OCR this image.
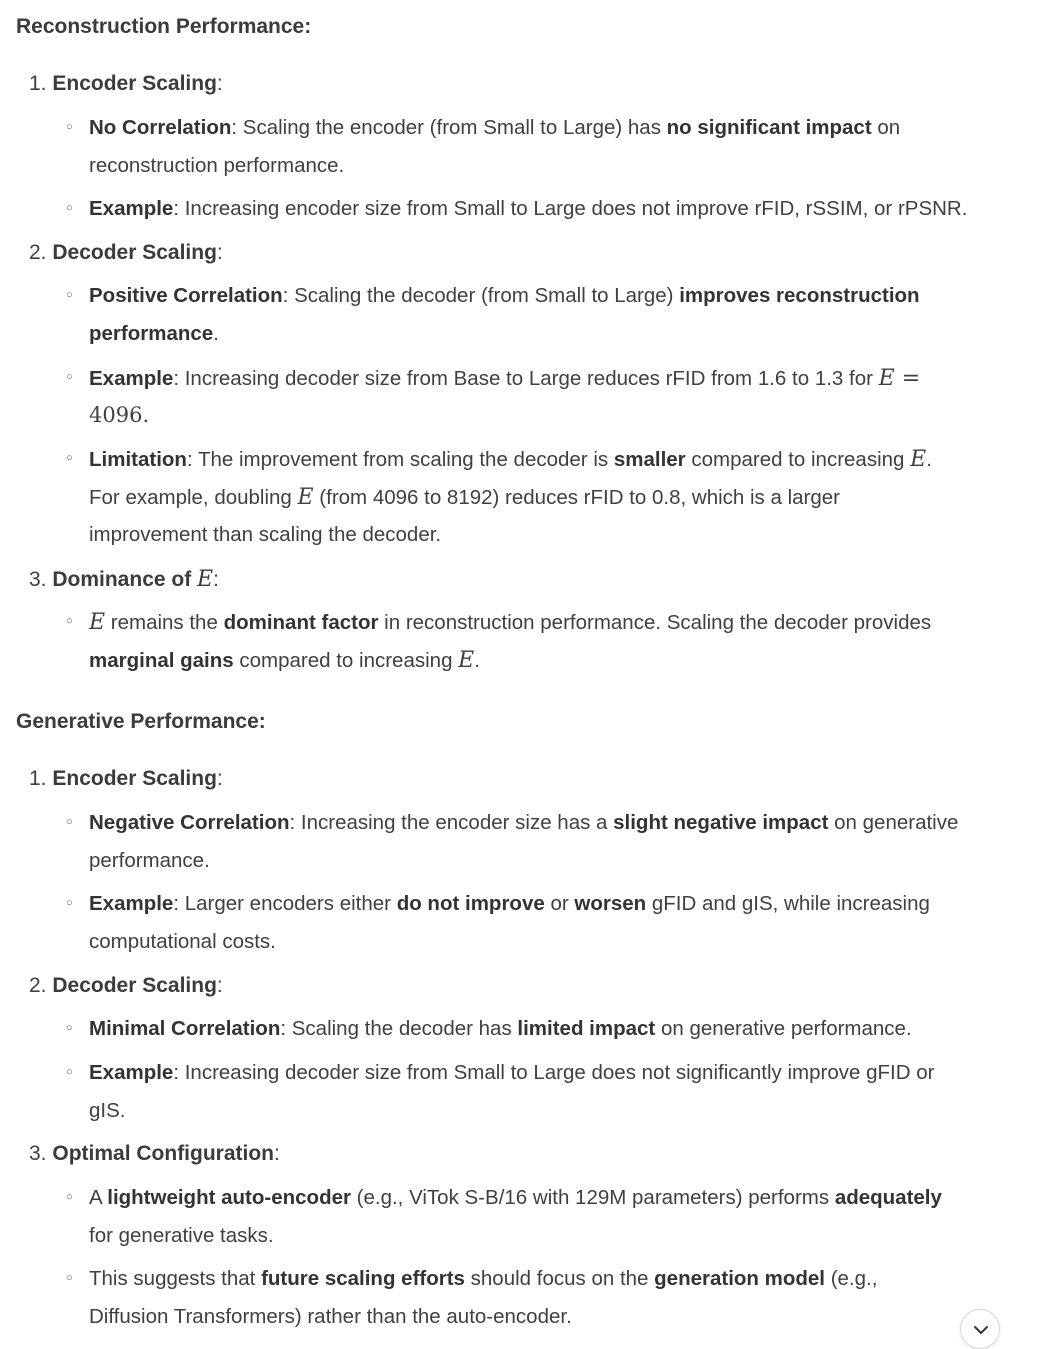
Reconstruction Performance:
1. Encoder Scaling:
○ No Correlation: Scaling the encoder (from Small to Large) has no significant impact on
reconstruction performance.
○ Example: Increasing encoder size from Small to Large does not improve rFID, rSSIM, or rPSNR.
2. Decoder Scaling:
○ Positive Correlation: Scaling the decoder (from Small to Large) improves reconstruction
performance.
○ Example: Increasing decoder size from Base to Large reduces rFID from 1.6 to 1.3 for E =
4096.
○ Limitation: The improvement from scaling the decoder is smaller compared to increasing E.
For example, doubling E (from 4096 to 8192) reduces rFID to 0.8, which is a larger
improvement than scaling the decoder.
3. Dominance of E:
○ E remains the dominant factor in reconstruction performance. Scaling the decoder provides
marginal gains compared to increasing E.
Generative Performance:
1. Encoder Scaling:
○ Negative Correlation: Increasing the encoder size has a slight negative impact on generative
performance.
○ Example: Larger encoders either do not improve or worsen gFID and gIS, while increasing
computational costs.
2. Decoder Scaling:
○ Minimal Correlation: Scaling the decoder has limited impact on generative performance.
○ Example: Increasing decoder size from Small to Large does not significantly improve gFID or
gIS.
3. Optimal Configuration:
○ A lightweight auto-encoder (e.g., ViTok S-B/16 with 129M parameters) performs adequately
for generative tasks.
○ This suggests that future scaling efforts should focus on the generation model (e.g.,
Diffusion Transformers) rather than the auto-encoder.
